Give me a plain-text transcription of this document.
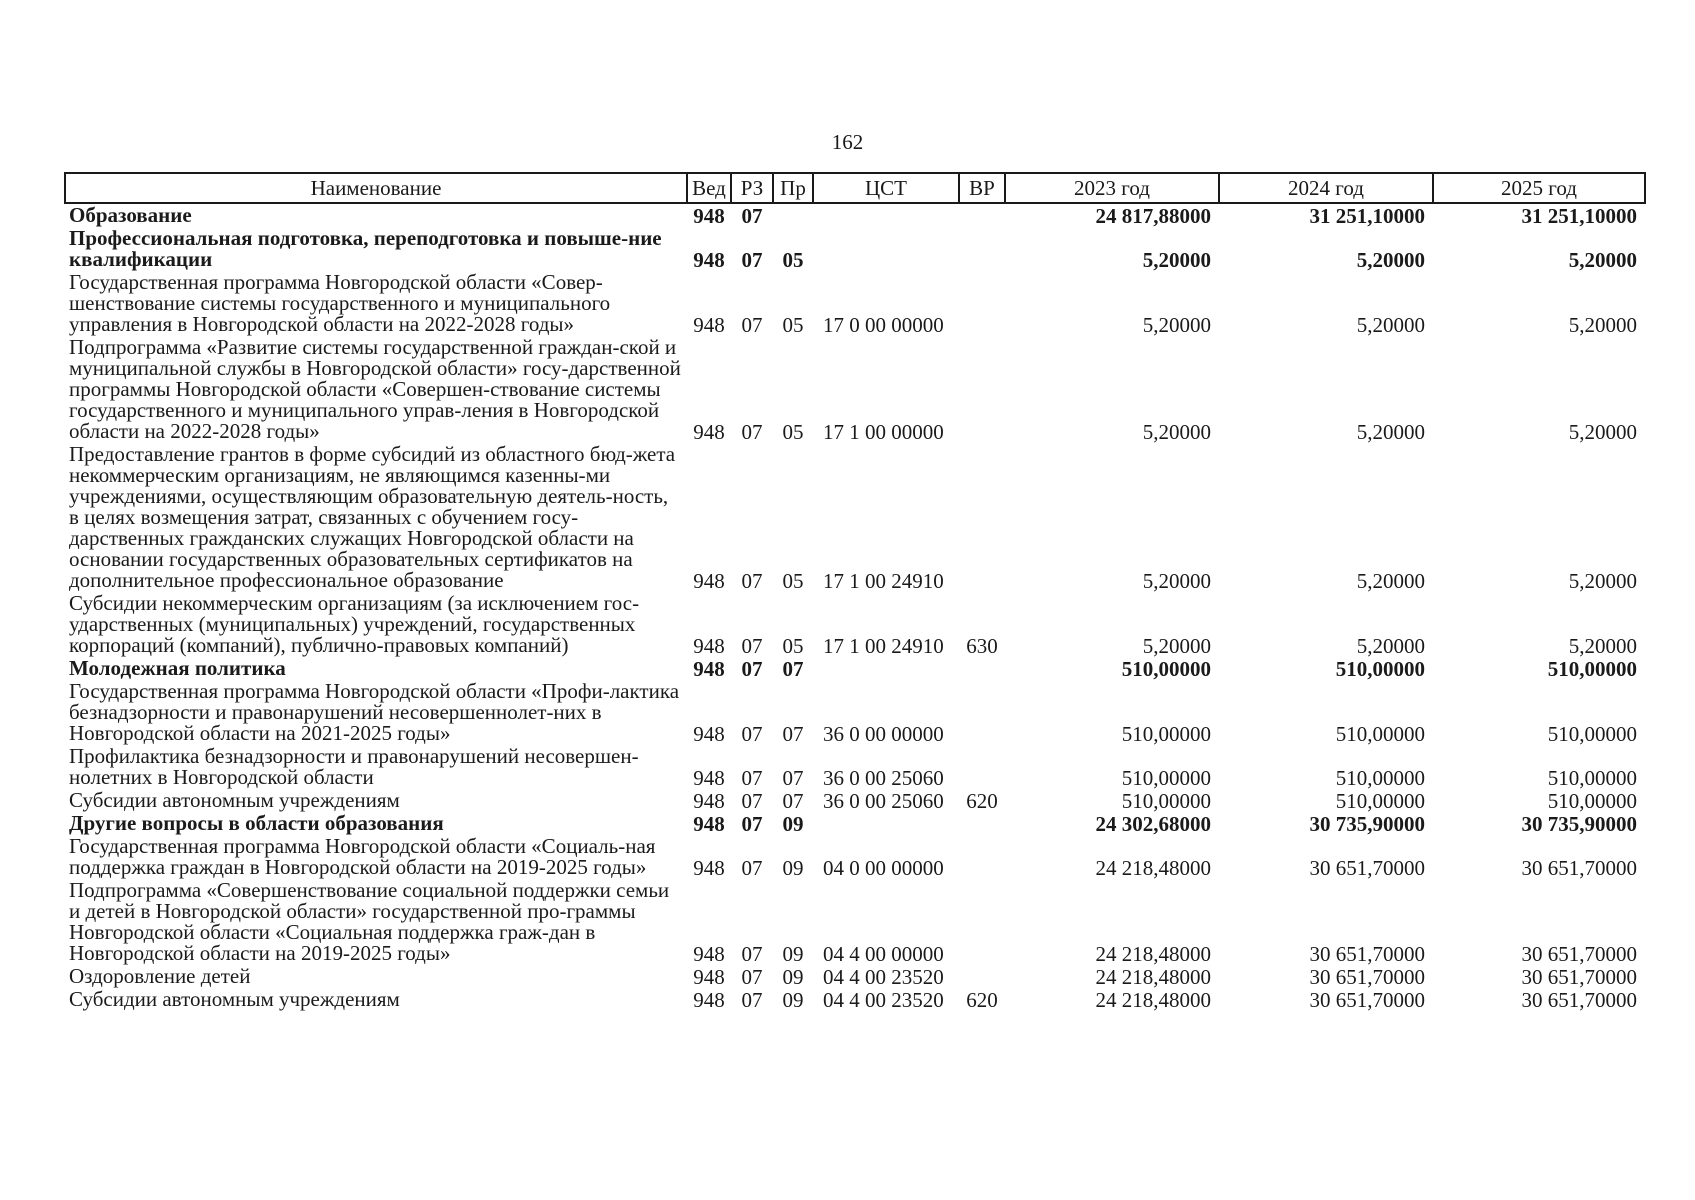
162
Наименование	Вед	РЗ	Пр	ЦСТ	ВР	2023 год	2024 год	2025 год
Образование	948	07				24 817,88000	31 251,10000	31 251,10000
Профессиональная подготовка, переподготовка и повыше-ние квалификации	948	07	05			5,20000	5,20000	5,20000
Государственная программа Новгородской области «Совер-шенствование системы государственного и муниципального управления в Новгородской области на 2022-2028 годы»	948	07	05	17 0 00 00000		5,20000	5,20000	5,20000
Подпрограмма «Развитие системы государственной граждан-ской и муниципальной службы в Новгородской области» госу-дарственной программы Новгородской области «Совершен-ствование системы государственного и муниципального управ-ления в Новгородской области на 2022-2028 годы»	948	07	05	17 1 00 00000		5,20000	5,20000	5,20000
Предоставление грантов в форме субсидий из областного бюд-жета некоммерческим организациям, не являющимся казенны-ми учреждениями, осуществляющим образовательную деятель-ность, в целях возмещения затрат, связанных с обучением госу-дарственных гражданских служащих Новгородской области на основании государственных образовательных сертификатов на дополнительное профессиональное образование	948	07	05	17 1 00 24910		5,20000	5,20000	5,20000
Субсидии некоммерческим организациям (за исключением гос-ударственных (муниципальных) учреждений, государственных корпораций (компаний), публично-правовых компаний)	948	07	05	17 1 00 24910	630	5,20000	5,20000	5,20000
Молодежная политика	948	07	07			510,00000	510,00000	510,00000
Государственная программа Новгородской области «Профи-лактика безнадзорности и правонарушений несовершеннолет-них в Новгородской области на 2021-2025 годы»	948	07	07	36 0 00 00000		510,00000	510,00000	510,00000
Профилактика безнадзорности и правонарушений несовершен-нолетних в Новгородской области	948	07	07	36 0 00 25060		510,00000	510,00000	510,00000
Субсидии автономным учреждениям	948	07	07	36 0 00 25060	620	510,00000	510,00000	510,00000
Другие вопросы в области образования	948	07	09			24 302,68000	30 735,90000	30 735,90000
Государственная программа Новгородской области «Социаль-ная поддержка граждан в Новгородской области на 2019-2025 годы»	948	07	09	04 0 00 00000		24 218,48000	30 651,70000	30 651,70000
Подпрограмма «Совершенствование социальной поддержки семьи и детей в Новгородской области» государственной про-граммы Новгородской области «Социальная поддержка граж-дан в Новгородской области на 2019-2025 годы»	948	07	09	04 4 00 00000		24 218,48000	30 651,70000	30 651,70000
Оздоровление детей	948	07	09	04 4 00 23520		24 218,48000	30 651,70000	30 651,70000
Субсидии автономным учреждениям	948	07	09	04 4 00 23520	620	24 218,48000	30 651,70000	30 651,70000
